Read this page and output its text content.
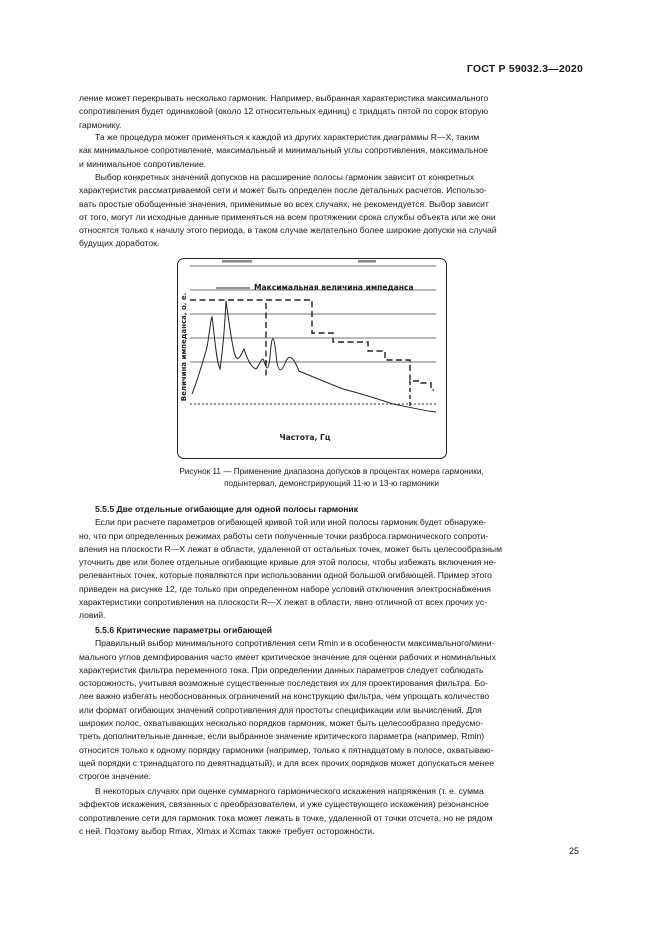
ГОСТ Р 59032.3—2020
ление может перекрывать несколько гармоник. Например, выбранная характеристика максимального
сопротивления будет одинаковой (около 12 относительных единиц) с тридцать пятой по сорок вторую
гармонику.
Та же процедура может применяться к каждой из других характеристик диаграммы R—X, таким
как минимальное сопротивление, максимальный и минимальный углы сопротивления, максимальное
и минимальное сопротивление.
Выбор конкретных значений допусков на расширение полосы гармоник зависит от конкретных
характеристик рассматриваемой сети и может быть определен после детальных расчетов. Использо-
вать простые обобщенные значения, применимые во всех случаях, не рекомендуется. Выбор зависит
от того, могут ли исходные данные применяться на всем протяжении срока службы объекта или же они
относятся только к началу этого периода, в таком случае желательно более широкие допуски на случай
будущих доработок.
Максимальная величина импеданса
Величина импеданса, о. е.
Частота, Гц
Рисунок 11 — Применение диапазона допусков в процентах номера гармоники,
подынтервал, демонстрирующий 11-ю и 13-ю гармоники
5.5.5 Две отдельные огибающие для одной полосы гармоник
Если при расчете параметров огибающей кривой той или иной полосы гармоник будет обнаруже-
но, что при определенных режимах работы сети полученные точки разброса гармонического сопроти-
вления на плоскости R—X лежат в области, удаленной от остальных точек, может быть целесообразным
уточнить две или более отдельные огибающие кривые для этой полосы, чтобы избежать включения не-
релевантных точек, которые появляются при использовании одной большой огибающей. Пример этого
приведен на рисунке 12, где только при определенном наборе условий отключения электроснабжения
характеристики сопротивления на плоскости R—X лежат в области, явно отличной от всех прочих ус-
ловий.
5.5.6 Критические параметры огибающей
Правильный выбор минимального сопротивления сети Rmin и в особенности максимального/мини-
мального углов демпфирования часто имеет критическое значение для оценки рабочих и номинальных
характеристик фильтра переменного тока. При определении данных параметров следует соблюдать
осторожность, учитывая возможные существенные последствия их для проектирования фильтра. Бо-
лее важно избегать необоснованных ограничений на конструкцию фильтра, чем упрощать количество
или формат огибающих значений сопротивления для простоты спецификации или вычислений. Для
широких полос, охватывающих несколько порядков гармоник, может быть целесообразно предусмо-
треть дополнительные данные, если выбранное значение критического параметра (например, Rmin)
относится только к одному порядку гармоники (например, только к пятнадцатому в полосе, охватываю-
щей порядки с тринадцатого по девятнадцатый), и для всех прочих порядков может допускаться менее
строгое значение.
В некоторых случаях при оценке суммарного гармонического искажения напряжения (т. е. сумма
эффектов искажения, связанных с преобразователем, и уже существующего искажения) резонансное
сопротивление сети для гармоник тока может лежать в точке, удаленной от точки отсчета, но не рядом
с ней. Поэтому выбор Rmax, Xlmax и Xcmax также требует осторожности.
25
